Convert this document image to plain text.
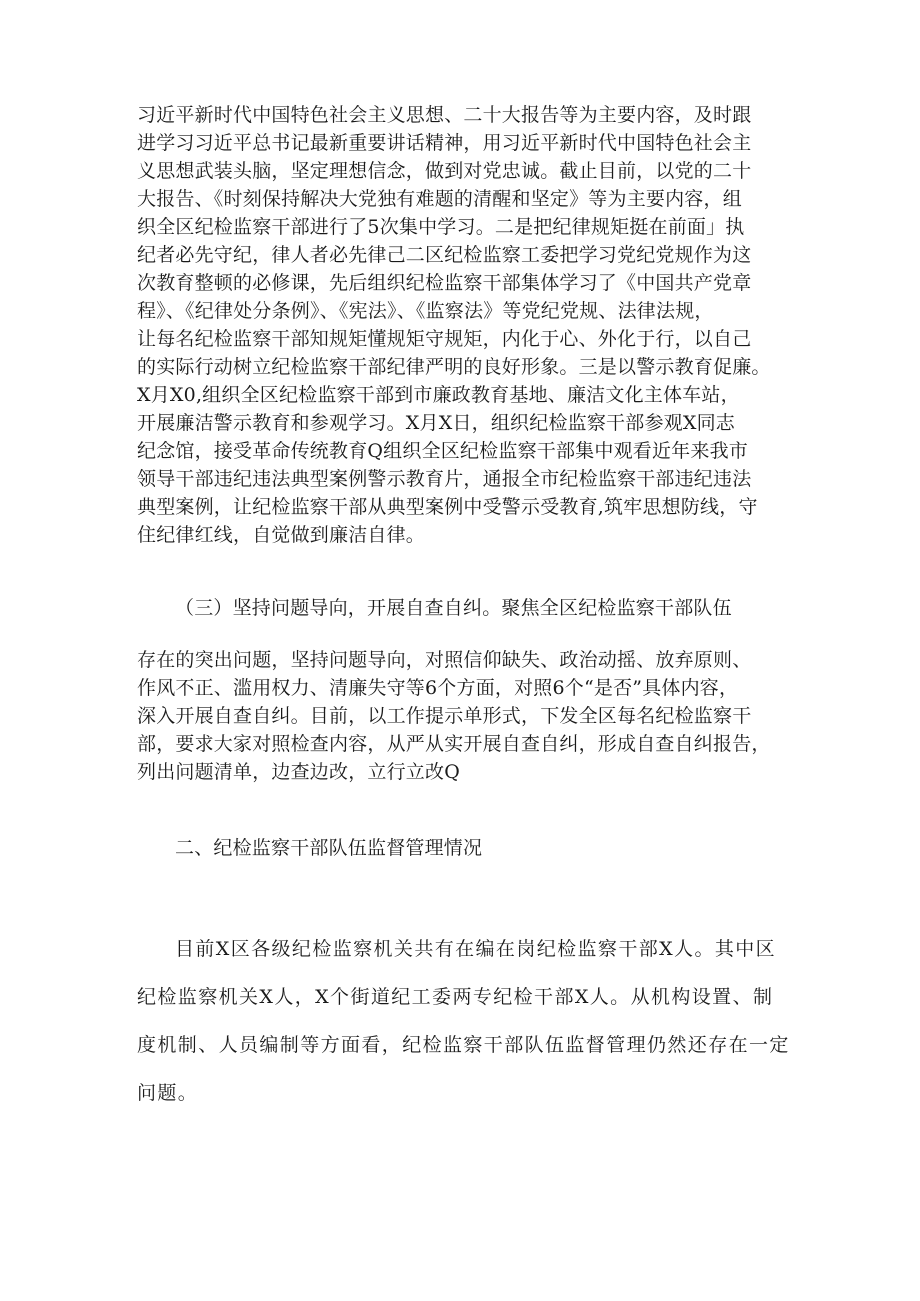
习近平新时代中国特色社会主义思想、二十大报告等为主要内容，及时跟
进学习习近平总书记最新重要讲话精神，用习近平新时代中国特色社会主
义思想武装头脑，坚定理想信念，做到对党忠诚。截止目前，以党的二十
大报告、《时刻保持解决大党独有难题的清醒和坚定》等为主要内容，组
织全区纪检监察干部进行了5次集中学习。二是把纪律规矩挺在前面」执
纪者必先守纪，律人者必先律己二区纪检监察工委把学习党纪党规作为这
次教育整顿的必修课，先后组织纪检监察干部集体学习了《中国共产党章
程》、《纪律处分条例》、《宪法》、《监察法》等党纪党规、法律法规，
让每名纪检监察干部知规矩懂规矩守规矩，内化于心、外化于行，以自己
的实际行动树立纪检监察干部纪律严明的良好形象。三是以警示教育促廉。
X月X0,组织全区纪检监察干部到市廉政教育基地、廉洁文化主体车站，
开展廉洁警示教育和参观学习。X月X日，组织纪检监察干部参观X同志
纪念馆，接受革命传统教育Q组织全区纪检监察干部集中观看近年来我市
领导干部违纪违法典型案例警示教育片，通报全市纪检监察干部违纪违法
典型案例，让纪检监察干部从典型案例中受警示受教育,筑牢思想防线，守
住纪律红线，自觉做到廉洁自律。
（三）坚持问题导向，开展自查自纠。聚焦全区纪检监察干部队伍
存在的突出问题，坚持问题导向，对照信仰缺失、政治动摇、放弃原则、
作风不正、滥用权力、清廉失守等6个方面，对照6个“是否”具体内容，
深入开展自查自纠。目前，以工作提示单形式，下发全区每名纪检监察干
部，要求大家对照检查内容，从严从实开展自查自纠，形成自查自纠报告，
列出问题清单，边查边改，立行立改Q
二、纪检监察干部队伍监督管理情况
目前X区各级纪检监察机关共有在编在岗纪检监察干部X人。其中区
纪检监察机关X人，X个街道纪工委两专纪检干部X人。从机构设置、制
度机制、人员编制等方面看，纪检监察干部队伍监督管理仍然还存在一定
问题。
